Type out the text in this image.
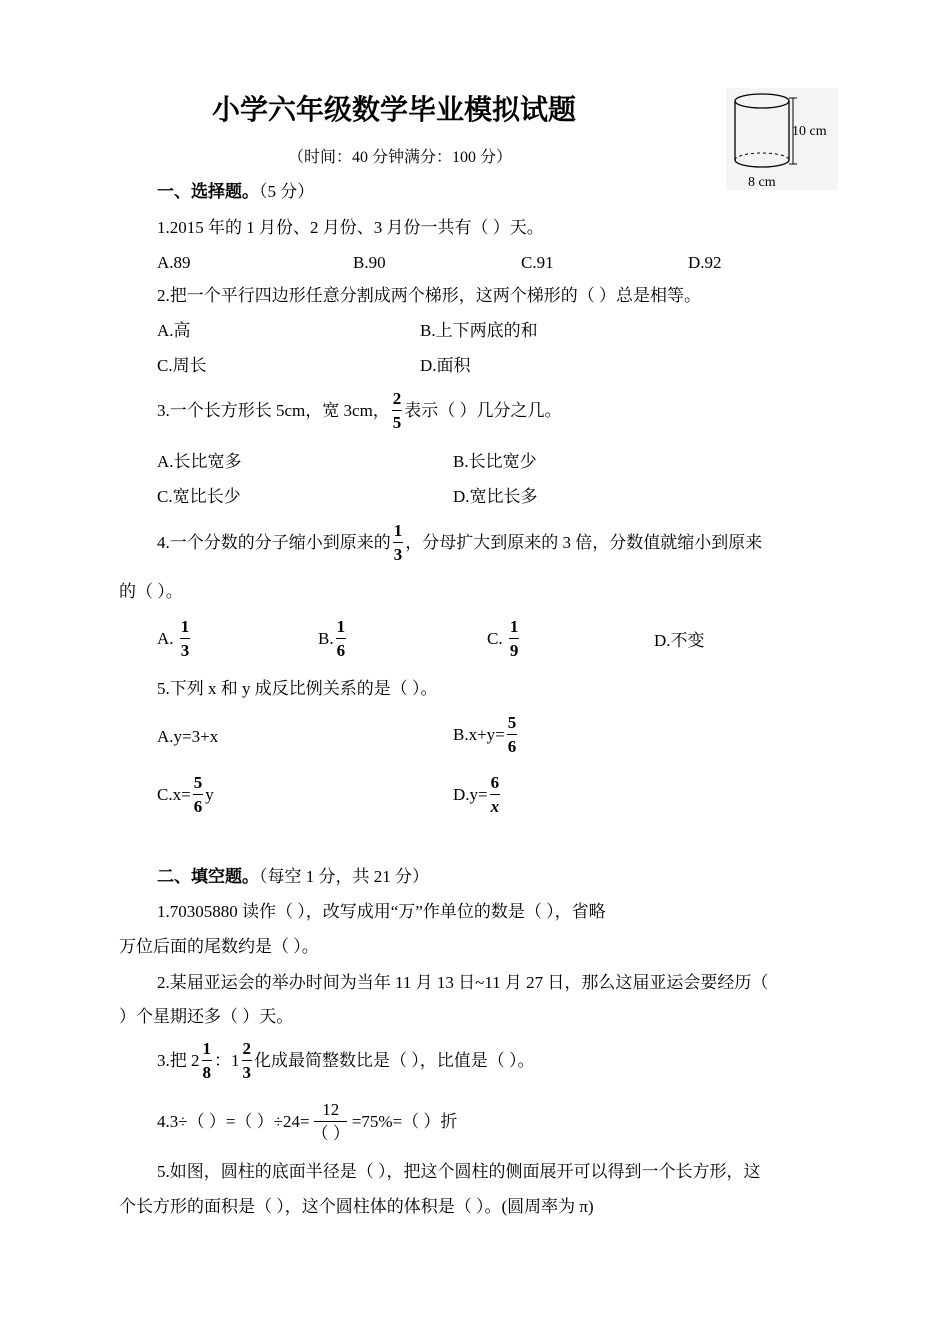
小学六年级数学毕业模拟试题
（时间：40 分钟满分：100 分）
10 cm
8 cm
一、选择题。（5 分）
1.2015 年的 1 月份、2 月份、3 月份一共有（ ）天。
A.89	B.90	C.91	D.92
2.把一个平行四边形任意分割成两个梯形，这两个梯形的（ ）总是相等。
A.高	B.上下两底的和
C.周长	D.面积
3.一个长方形长 5cm，宽 3cm， $\frac{2}{5}$ 表示（ ）几分之几。
A.长比宽多	B.长比宽少
C.宽比长少	D.宽比长多
4.一个分数的分子缩小到原来的 $\frac{1}{3}$ ，分母扩大到原来的 3 倍，分数值就缩小到原来
的（ ）。
A. $\frac{1}{3}$	B. $\frac{1}{6}$	C. $\frac{1}{9}$	D.不变
5.下列 x 和 y 成反比例关系的是（ ）。
A.y=3+x	$B.x+y= \frac{5}{6}$
$C.x= \frac{5}{6}$ y	$D.y= \frac{6}{x}$
二、填空题。（每空 1 分，共 21 分）
1.70305880 读作（ ），改写成用“万”作单位的数是（ ），省略
万位后面的尾数约是（ ）。
2.某届亚运会的举办时间为当年 11 月 13 日~11 月 27 日，那么这届亚运会要经历（
）个星期还多（ ）天。
3.把 $2 \frac{1}{8}$ ：$1 \frac{2}{3}$ 化成最简整数比是（ ），比值是（ ）。
4.3÷（ ）=（ ）$\div 24= \frac{12}{( )} =75\%=$（ ）折
5.如图，圆柱的底面半径是（ ），把这个圆柱的侧面展开可以得到一个长方形，这
个长方形的面积是（ ），这个圆柱体的体积是（ ）。(圆周率为 π)
